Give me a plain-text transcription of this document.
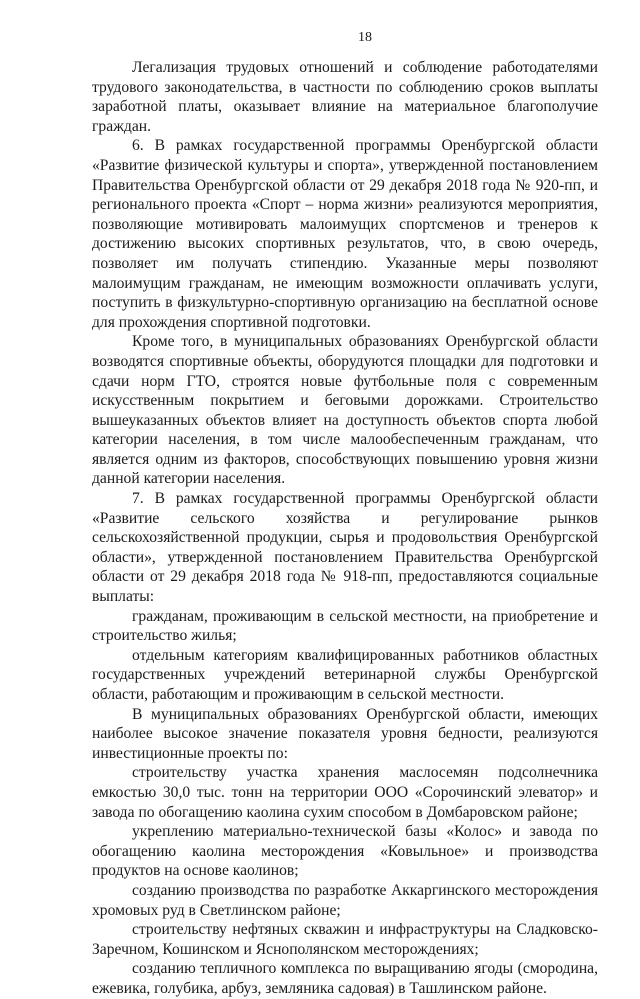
18

Легализация трудовых отношений и соблюдение работодателями трудового законодательства, в частности по соблюдению сроков выплаты заработной платы, оказывает влияние на материальное благополучие граждан.

6. В рамках государственной программы Оренбургской области «Развитие физической культуры и спорта», утвержденной постановлением Правительства Оренбургской области от 29 декабря 2018 года № 920-пп, и регионального проекта «Спорт – норма жизни» реализуются мероприятия, позволяющие мотивировать малоимущих спортсменов и тренеров к достижению высоких спортивных результатов, что, в свою очередь, позволяет им получать стипендию. Указанные меры позволяют малоимущим гражданам, не имеющим возможности оплачивать услуги, поступить в физкультурно-спортивную организацию на бесплатной основе для прохождения спортивной подготовки.

Кроме того, в муниципальных образованиях Оренбургской области возводятся спортивные объекты, оборудуются площадки для подготовки и сдачи норм ГТО, строятся новые футбольные поля с современным искусственным покрытием и беговыми дорожками. Строительство вышеуказанных объектов влияет на доступность объектов спорта любой категории населения, в том числе малообеспеченным гражданам, что является одним из факторов, способствующих повышению уровня жизни данной категории населения.

7. В рамках государственной программы Оренбургской области «Развитие сельского хозяйства и регулирование рынков сельскохозяйственной продукции, сырья и продовольствия Оренбургской области», утвержденной постановлением Правительства Оренбургской области от 29 декабря 2018 года № 918-пп, предоставляются социальные выплаты:

гражданам, проживающим в сельской местности, на приобретение и строительство жилья;

отдельным категориям квалифицированных работников областных государственных учреждений ветеринарной службы Оренбургской области, работающим и проживающим в сельской местности.

В муниципальных образованиях Оренбургской области, имеющих наиболее высокое значение показателя уровня бедности, реализуются инвестиционные проекты по:

строительству участка хранения маслосемян подсолнечника емкостью 30,0 тыс. тонн на территории ООО «Сорочинский элеватор» и завода по обогащению каолина сухим способом в Домбаровском районе;

укреплению материально-технической базы «Колос» и завода по обогащению каолина месторождения «Ковыльное» и производства продуктов на основе каолинов;

созданию производства по разработке Аккаргинского месторождения хромовых руд в Светлинском районе;

строительству нефтяных скважин и инфраструктуры на Сладковско-Заречном, Кошинском и Яснополянском месторождениях;

созданию тепличного комплекса по выращиванию ягоды (смородина, ежевика, голубика, арбуз, земляника садовая) в Ташлинском районе.
